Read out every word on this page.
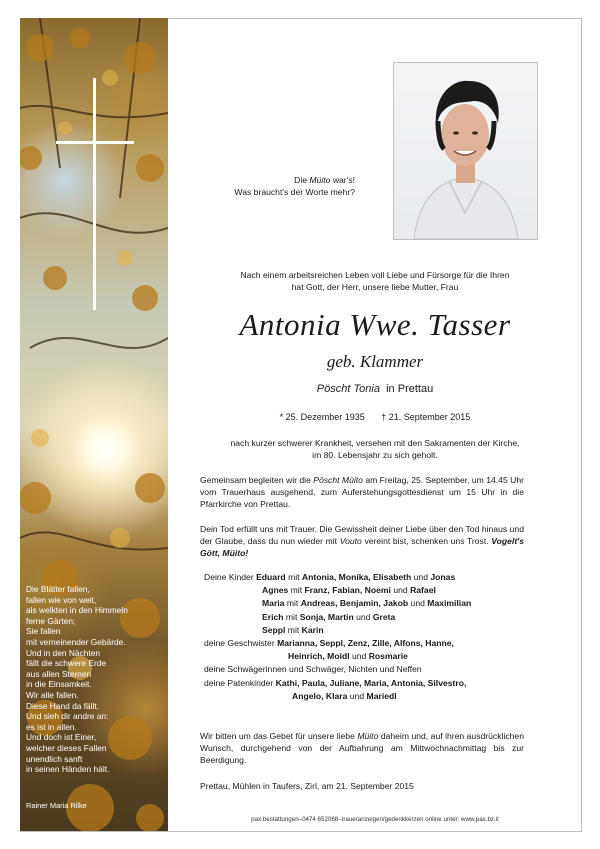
Die Blätter fallen,
fallen wie von weit,
als welkten in den Himmeln
ferne Gärten;
Sie fallen
mit verneinender Gebärde.
Und in den Nächten
fällt die schwere Erde
aus allen Sternen
in die Einsamkeit.
Wir alle fallen.
Diese Hand da fällt.
Und sieh dir andre an:
es ist in allen.
Und doch ist Einer,
welcher dieses Fallen
unendlich sanft
in seinen Händen hält.
Rainer Maria Rilke
Die Müito war's!
Was braucht's der Worte mehr?
Nach einem arbeitsreichen Leben voll Liebe und Fürsorge für die Ihren
hat Gott, der Herr, unsere liebe Mutter, Frau
Antonia Wwe. Tasser
geb. Klammer
Pöscht Tonia in Prettau
* 25. Dezember 1935 † 21. September 2015
nach kurzer schwerer Krankheit, versehen mit den Sakramenten der Kirche,
im 80. Lebensjahr zu sich geholt.
Gemeinsam begleiten wir die Pöscht Müito am Freitag, 25. September, um 14.45 Uhr vom Trauerhaus ausgehend, zum Auferstehungsgottesdienst um 15 Uhr in die Pfarrkirche von Prettau.
Dein Tod erfüllt uns mit Trauer. Die Gewissheit deiner Liebe über den Tod hinaus und der Glaube, dass du nun wieder mit Vouto vereint bist, schenken uns Trost. Vogelt's Gött, Müito!
Deine Kinder Eduard mit Antonia, Monika, Elisabeth und Jonas
Agnes mit Franz, Fabian, Noemi und Rafael
Maria mit Andreas, Benjamin, Jakob und Maximilian
Erich mit Sonja, Martin und Greta
Seppl mit Karin
deine Geschwister Marianna, Seppl, Zenz, Zille, Alfons, Hanne,
Heinrich, Moidl und Rosmarie
deine Schwägerinnen und Schwäger, Nichten und Neffen
deine Patenkinder Kathi, Paula, Juliane, Maria, Antonia, Silvestro,
Angelo, Klara und Mariedl
Wir bitten um das Gebet für unsere liebe Müito daheim und, auf ihren ausdrücklichen Wunsch, durchgehend von der Aufbahrung am Mittwochnachmittag bis zur Beerdigung.
Prettau, Mühlen in Taufers, Zirl, am 21. September 2015
pax bestattungen–0474 652068–traueranzeigen/gedenkkerzen online unter: www.pax.bz.it
